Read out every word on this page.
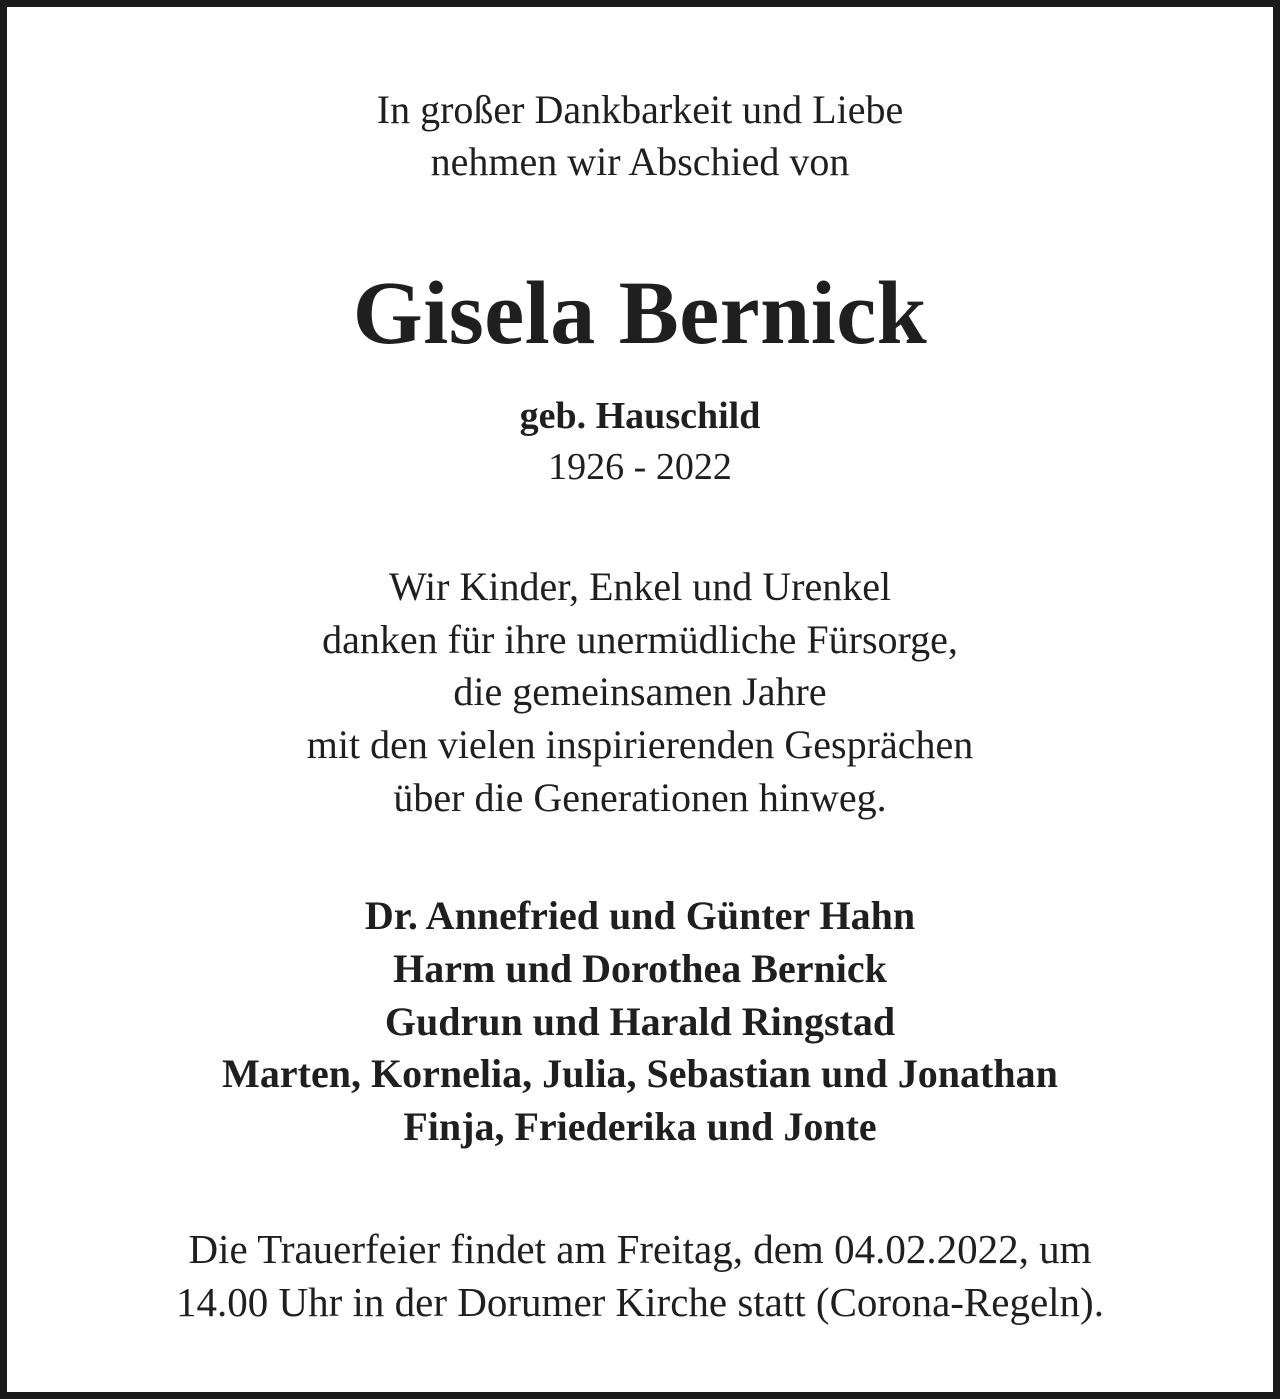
In großer Dankbarkeit und Liebe
nehmen wir Abschied von
Gisela Bernick
geb. Hauschild
1926 - 2022
Wir Kinder, Enkel und Urenkel
danken für ihre unermüdliche Fürsorge,
die gemeinsamen Jahre
mit den vielen inspirierenden Gesprächen
über die Generationen hinweg.
Dr. Annefried und Günter Hahn
Harm und Dorothea Bernick
Gudrun und Harald Ringstad
Marten, Kornelia, Julia, Sebastian und Jonathan
Finja, Friederika und Jonte
Die Trauerfeier findet am Freitag, dem 04.02.2022, um
14.00 Uhr in der Dorumer Kirche statt (Corona-Regeln).
